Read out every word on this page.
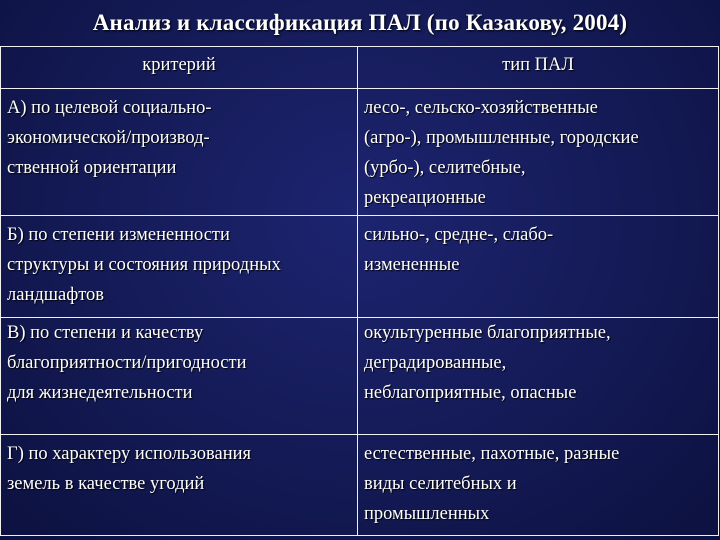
Анализ и классификация ПАЛ (по Казакову, 2004)
критерий	тип ПАЛ

А) по целевой социально-
экономической/производ-
ственной ориентации	лесо-, сельско-хозяйственные
(агро-), промышленные, городские
(урбо-), селитебные,
рекреационные

Б) по степени измененности
структуры и состояния природных
ландшафтов	сильно-, средне-, слабо-
измененные

В) по степени и качеству
благоприятности/пригодности
для жизнедеятельности	окультуренные благоприятные,
деградированные,
неблагоприятные, опасные

Г) по характеру использования
земель в качестве угодий	естественные, пахотные, разные
виды селитебных и
промышленных
